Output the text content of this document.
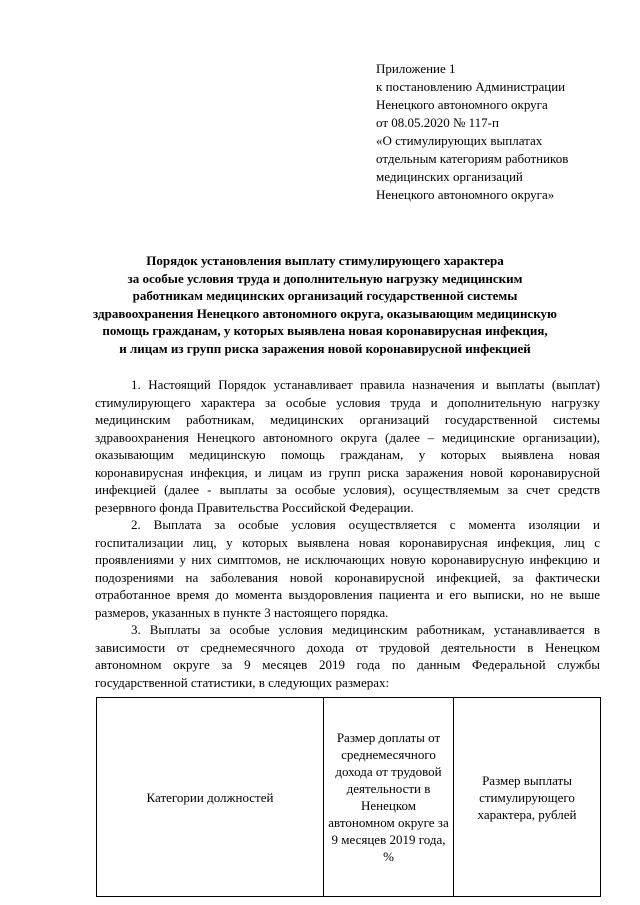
Приложение 1
к постановлению Администрации
Ненецкого автономного округа
от 08.05.2020 № 117-п
«О стимулирующих выплатах
отдельным категориям работников
медицинских организаций
Ненецкого автономного округа»
Порядок установления выплату стимулирующего характера
за особые условия труда и дополнительную нагрузку медицинским
работникам медицинских организаций государственной системы
здравоохранения Ненецкого автономного округа, оказывающим медицинскую
помощь гражданам, у которых выявлена новая коронавирусная инфекция,
и лицам из групп риска заражения новой коронавирусной инфекцией

1. Настоящий Порядок устанавливает правила назначения и выплаты (выплат) стимулирующего характера за особые условия труда и дополнительную нагрузку медицинским работникам, медицинских организаций государственной системы здравоохранения Ненецкого автономного округа (далее – медицинские организации), оказывающим медицинскую помощь гражданам, у которых выявлена новая коронавирусная инфекция, и лицам из групп риска заражения новой коронавирусной инфекцией (далее - выплаты за особые условия), осуществляемым за счет средств резервного фонда Правительства Российской Федерации.

2. Выплата за особые условия осуществляется с момента изоляции и госпитализации лиц, у которых выявлена новая коронавирусная инфекция, лиц с проявлениями у них симптомов, не исключающих новую коронавирусную инфекцию и подозрениями на заболевания новой коронавирусной инфекцией, за фактически отработанное время до момента выздоровления пациента и его выписки, но не выше размеров, указанных в пункте 3 настоящего порядка.

3. Выплаты за особые условия медицинским работникам, устанавливается в зависимости от среднемесячного дохода от трудовой деятельности в Ненецком автономном округе за 9 месяцев 2019 года по данным Федеральной службы государственной статистики, в следующих размерах:

Категории должностей	Размер доплаты от среднемесячного дохода от трудовой деятельности в Ненецком автономном округе за 9 месяцев 2019 года, %	Размер выплаты стимулирующего характера, рублей
